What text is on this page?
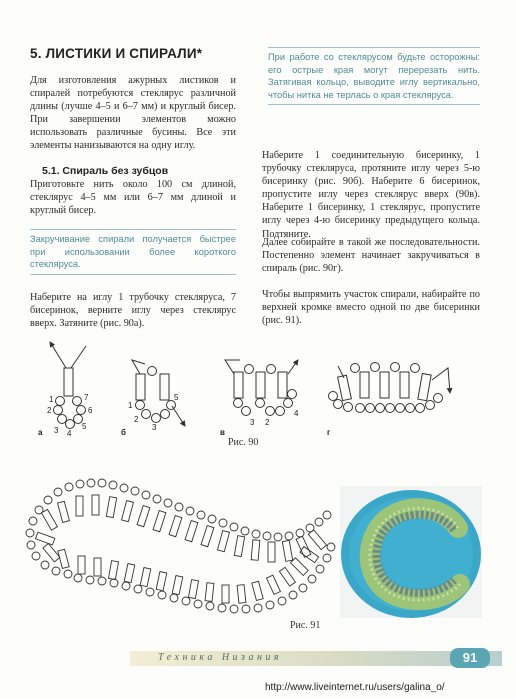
5. ЛИСТИКИ И СПИРАЛИ*
Для изготовления ажурных листиков и спиралей потребуются стеклярус различной длины (лучше 4–5 и 6–7 мм) и круглый бисер. При завершении элементов можно использовать различные бусины. Все эти элементы нанизываются на одну иглу.
5.1. Спираль без зубцов
Приготовьте нить около 100 см длиной, стеклярус 4–5 мм или 6–7 мм длиной и круглый бисер.
Закручивание спирали получается быстрее при использовании более короткого стекляруса.
Наберите на иглу 1 трубочку стекляруса, 7 бисеринок, верните иглу через стеклярус вверх. Затяните (рис. 90а).
При работе со стеклярусом будьте осторожны: его острые края могут перерезать нить. Затягивая кольцо, выводите иглу вертикально, чтобы нитка не терлась о края стекляруса.
Наберите 1 соединительную бисеринку, 1 трубочку стекляруса, протяните иглу через 5-ю бисеринку (рис. 90б). Наберите 6 бисеринок, пропустите иглу через стеклярус вверх (90в). Наберите 1 бисеринку, 1 стеклярус, пропустите иглу через 4-ю бисеринку предыдущего кольца. Подтяните.
Далее собирайте в такой же последовательности. Постепенно элемент начинает закручиваться в спираль (рис. 90г).
Чтобы выпрямить участок спирали, набирайте по верхней кромке вместо одной по две бисеринки (рис. 91).
1
2
3 4
5
6
7
а
1
2
3
5
б
2
3
4
в	г
Рис. 90
Рис. 91
Техника Низания	91
http://www.liveinternet.ru/users/galina_o/
